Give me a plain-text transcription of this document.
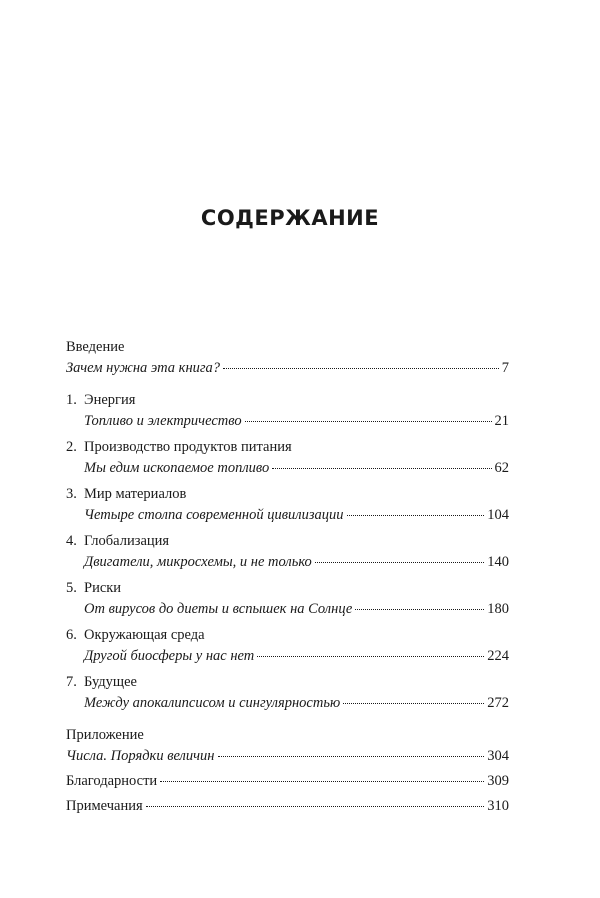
СОДЕРЖАНИЕ
Введение
Зачем нужна эта книга?	7
1. Энергия
Топливо и электричество	21
2. Производство продуктов питания
Мы едим ископаемое топливо	62
3. Мир материалов
Четыре столпа современной цивилизации	104
4. Глобализация
Двигатели, микросхемы, и не только	140
5. Риски
От вирусов до диеты и вспышек на Солнце	180
6. Окружающая среда
Другой биосферы у нас нет	224
7. Будущее
Между апокалипсисом и сингулярностью	272
Приложение
Числа. Порядки величин	304
Благодарности	309
Примечания	310
